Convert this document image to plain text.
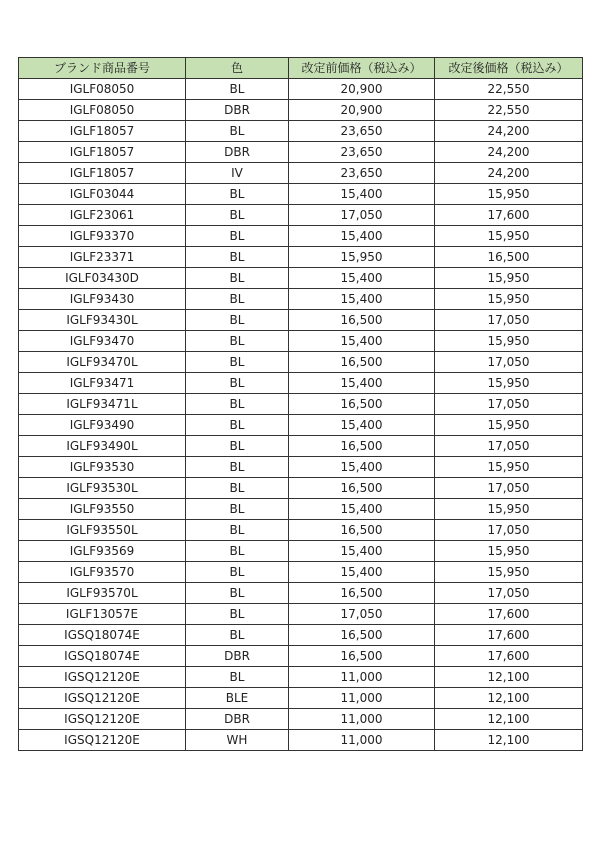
ブランド商品番号	色	改定前価格（税込み）	改定後価格（税込み）
IGLF08050	BL	20,900	22,550
IGLF08050	DBR	20,900	22,550
IGLF18057	BL	23,650	24,200
IGLF18057	DBR	23,650	24,200
IGLF18057	IV	23,650	24,200
IGLF03044	BL	15,400	15,950
IGLF23061	BL	17,050	17,600
IGLF93370	BL	15,400	15,950
IGLF23371	BL	15,950	16,500
IGLF03430D	BL	15,400	15,950
IGLF93430	BL	15,400	15,950
IGLF93430L	BL	16,500	17,050
IGLF93470	BL	15,400	15,950
IGLF93470L	BL	16,500	17,050
IGLF93471	BL	15,400	15,950
IGLF93471L	BL	16,500	17,050
IGLF93490	BL	15,400	15,950
IGLF93490L	BL	16,500	17,050
IGLF93530	BL	15,400	15,950
IGLF93530L	BL	16,500	17,050
IGLF93550	BL	15,400	15,950
IGLF93550L	BL	16,500	17,050
IGLF93569	BL	15,400	15,950
IGLF93570	BL	15,400	15,950
IGLF93570L	BL	16,500	17,050
IGLF13057E	BL	17,050	17,600
IGSQ18074E	BL	16,500	17,600
IGSQ18074E	DBR	16,500	17,600
IGSQ12120E	BL	11,000	12,100
IGSQ12120E	BLE	11,000	12,100
IGSQ12120E	DBR	11,000	12,100
IGSQ12120E	WH	11,000	12,100
